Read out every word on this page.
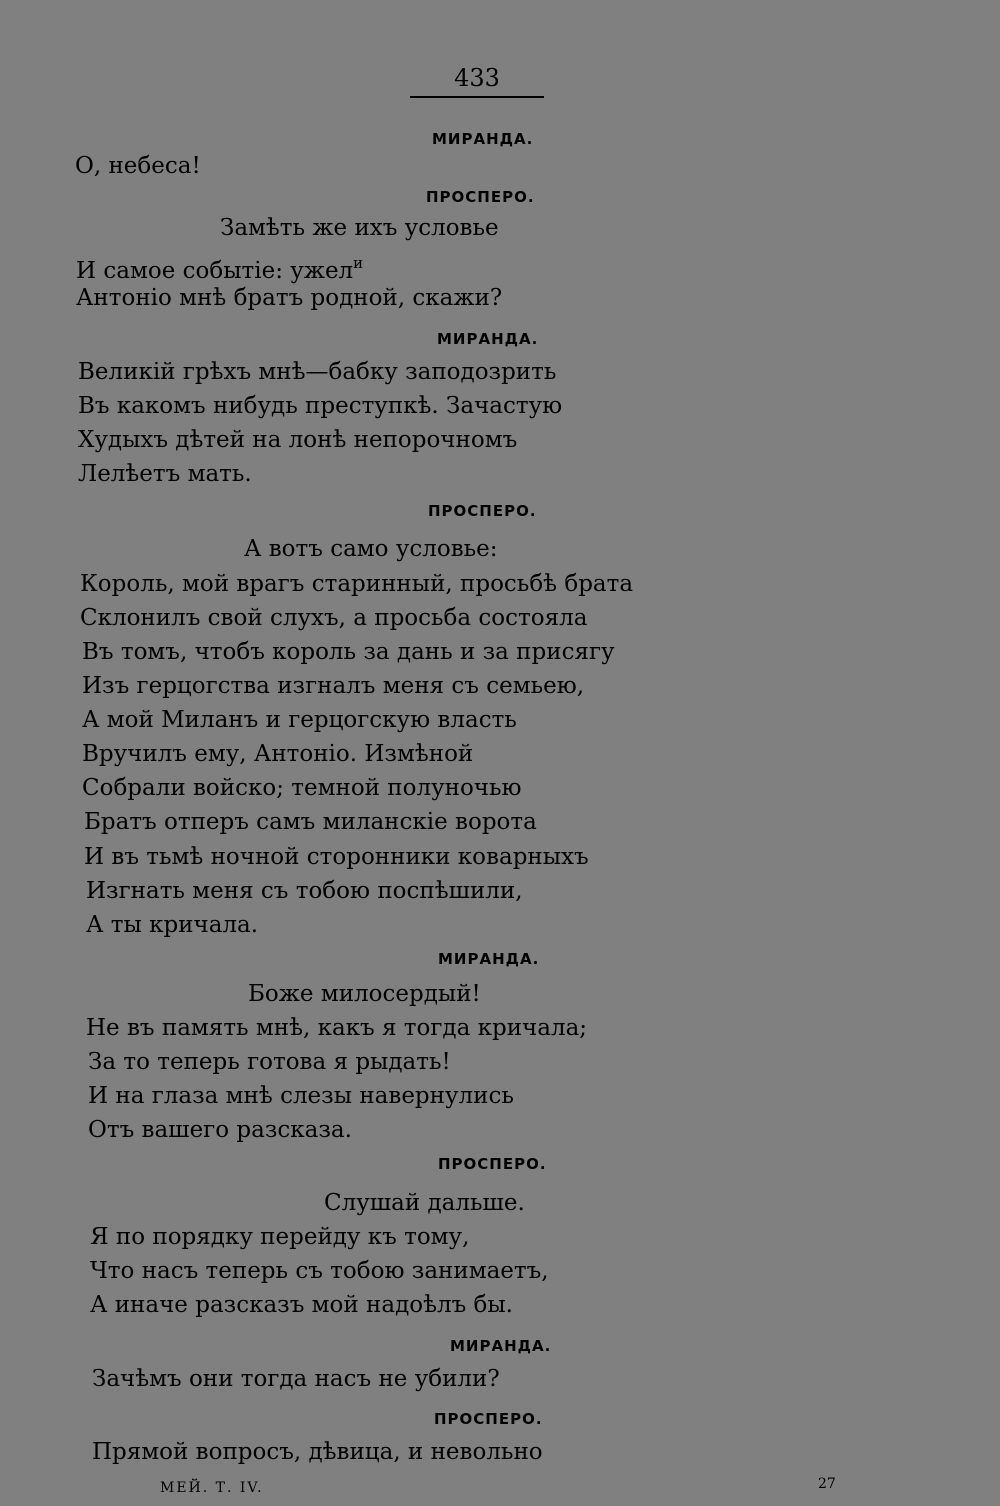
433
МИРАНДА.
О, небеса!
ПРОСПЕРО.
Замѣть же ихъ условье
И самое событіе: ужел$^и$
Антоніо мнѣ братъ родной, скажи?
МИРАНДА.
Великій грѣхъ мнѣ—бабку заподозрить
Въ какомъ нибудь преступкѣ. Зачастую
Худыхъ дѣтей на лонѣ непорочномъ
Лелѣетъ мать.
ПРОСПЕРО.
А вотъ само условье:
Король, мой врагъ старинный, просьбѣ брата
Склонилъ свой слухъ, а просьба состояла
Въ томъ, чтобъ король за дань и за присягу
Изъ герцогства изгналъ меня съ семьею,
А мой Миланъ и герцогскую власть
Вручилъ ему, Антоніо. Измѣной
Собрали войско; темной полуночью
Братъ отперъ самъ миланскіе ворота
И въ тьмѣ ночной сторонники коварныхъ
Изгнать меня съ тобою поспѣшили,
А ты кричала.
МИРАНДА.
Боже милосердый!
Не въ память мнѣ, какъ я тогда кричала;
За то теперь готова я рыдать!
И на глаза мнѣ слезы навернулись
Отъ вашего разсказа.
ПРОСПЕРО.
Слушай дальше.
Я по порядку перейду къ тому,
Что насъ теперь съ тобою занимаетъ,
А иначе разсказъ мой надоѣлъ бы.
МИРАНДА.
Зачѣмъ они тогда насъ не убили?
ПРОСПЕРО.
Прямой вопросъ, дѣвица, и невольно
МЕЙ. Т. IV.	27
